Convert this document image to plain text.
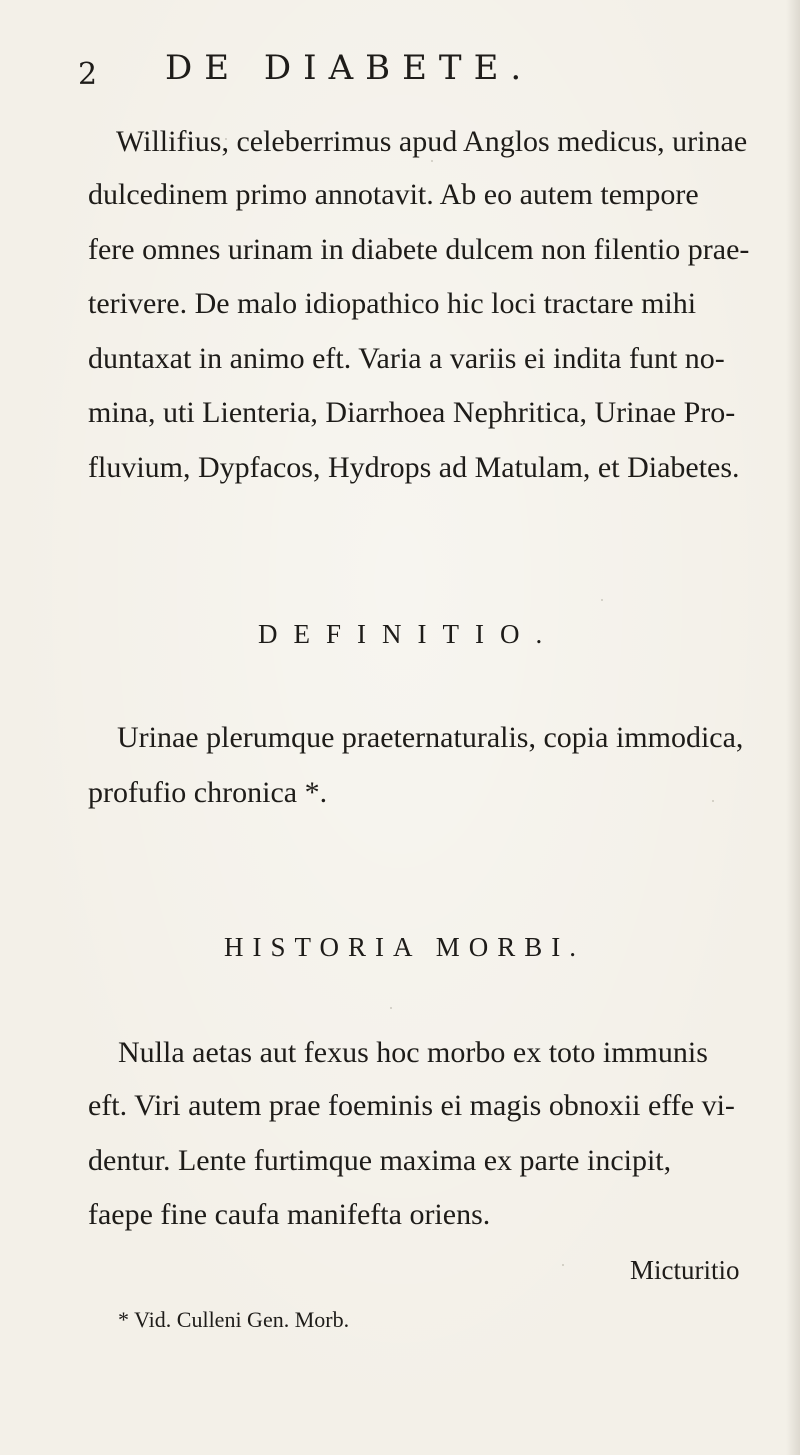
2 DE DIABETE.
Willifius, celeberrimus apud Anglos medicus, urinae
dulcedinem primo annotavit. Ab eo autem tempore
fere omnes urinam in diabete dulcem non filentio prae-
terivere. De malo idiopathico hic loci tractare mihi
duntaxat in animo eft. Varia a variis ei indita funt no-
mina, uti Lienteria, Diarrhoea Nephritica, Urinae Pro-
fluvium, Dypfacos, Hydrops ad Matulam, et Diabetes.
DEFINITIO.
Urinae plerumque praeternaturalis, copia immodica,
profufio chronica *.
HISTORIA MORBI.
Nulla aetas aut fexus hoc morbo ex toto immunis
eft. Viri autem prae foeminis ei magis obnoxii effe vi-
dentur. Lente furtimque maxima ex parte incipit,
faepe fine caufa manifefta oriens.
Micturitio
* Vid. Culleni Gen. Morb.
